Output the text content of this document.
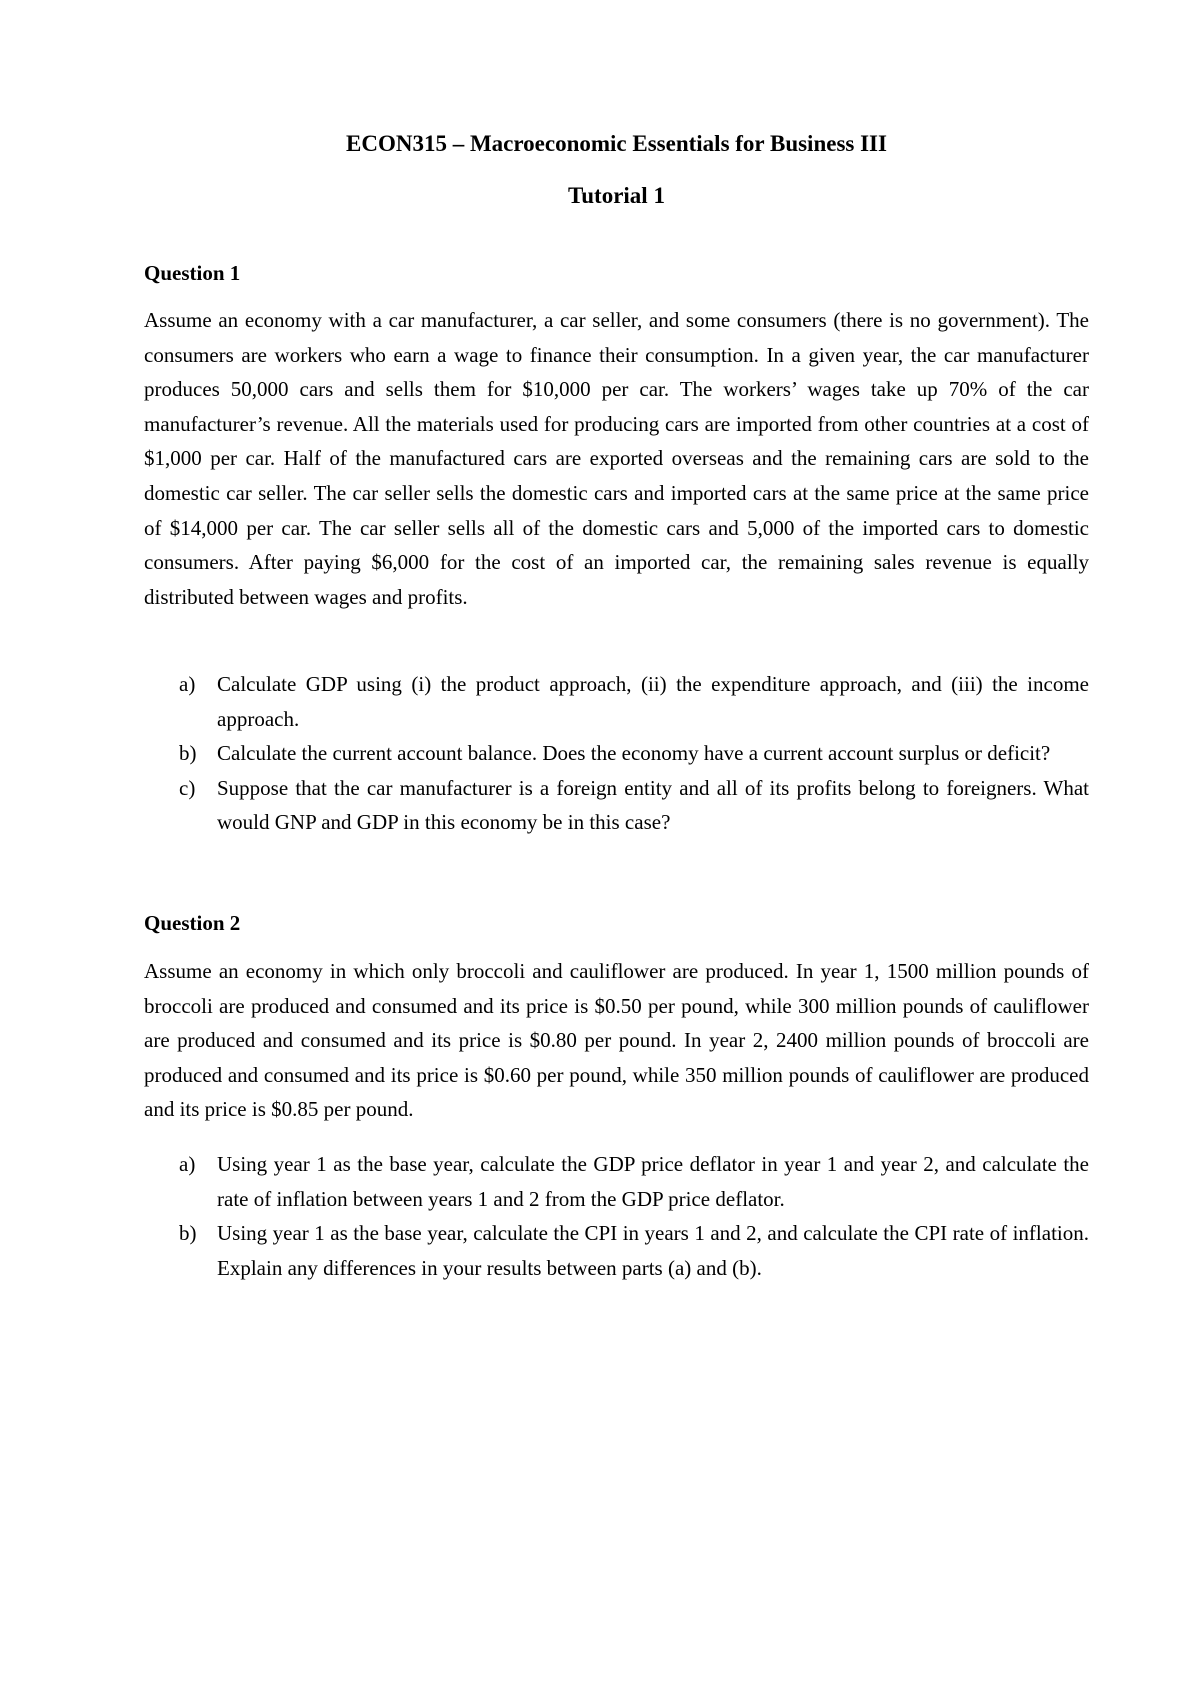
ECON315 – Macroeconomic Essentials for Business III
Tutorial 1
Question 1
Assume an economy with a car manufacturer, a car seller, and some consumers (there is no government). The consumers are workers who earn a wage to finance their consumption. In a given year, the car manufacturer produces 50,000 cars and sells them for $10,000 per car. The workers’ wages take up 70% of the car manufacturer’s revenue. All the materials used for producing cars are imported from other countries at a cost of $1,000 per car. Half of the manufactured cars are exported overseas and the remaining cars are sold to the domestic car seller. The car seller sells the domestic cars and imported cars at the same price at the same price of $14,000 per car. The car seller sells all of the domestic cars and 5,000 of the imported cars to domestic consumers. After paying $6,000 for the cost of an imported car, the remaining sales revenue is equally distributed between wages and profits.
a) Calculate GDP using (i) the product approach, (ii) the expenditure approach, and (iii) the income approach.
b) Calculate the current account balance. Does the economy have a current account surplus or deficit?
c) Suppose that the car manufacturer is a foreign entity and all of its profits belong to foreigners. What would GNP and GDP in this economy be in this case?
Question 2
Assume an economy in which only broccoli and cauliflower are produced. In year 1, 1500 million pounds of broccoli are produced and consumed and its price is $0.50 per pound, while 300 million pounds of cauliflower are produced and consumed and its price is $0.80 per pound. In year 2, 2400 million pounds of broccoli are produced and consumed and its price is $0.60 per pound, while 350 million pounds of cauliflower are produced and its price is $0.85 per pound.
a) Using year 1 as the base year, calculate the GDP price deflator in year 1 and year 2, and calculate the rate of inflation between years 1 and 2 from the GDP price deflator.
b) Using year 1 as the base year, calculate the CPI in years 1 and 2, and calculate the CPI rate of inflation. Explain any differences in your results between parts (a) and (b).
